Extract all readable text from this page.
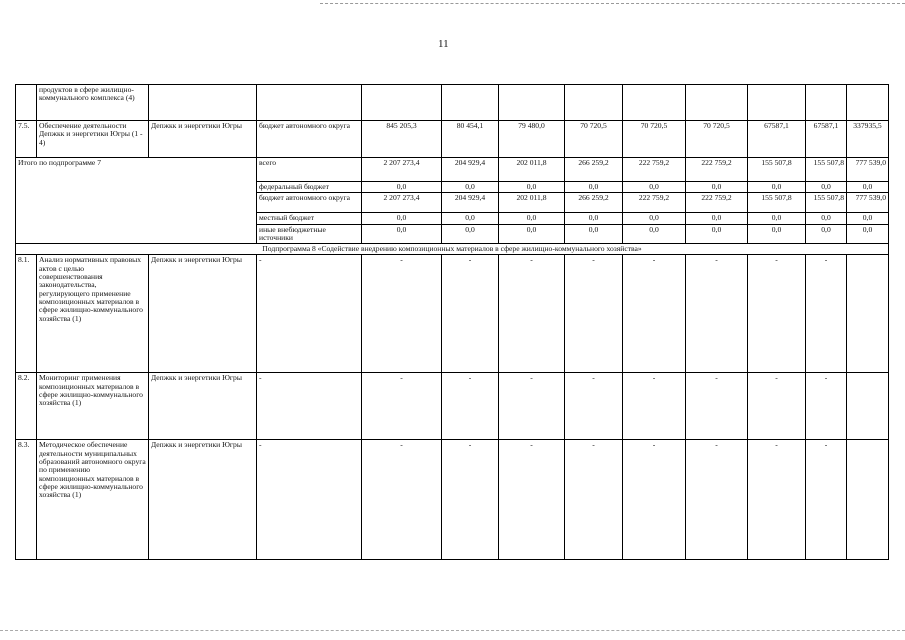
11
	продуктов в сфере жилищно-коммунального комплекса (4)											
7.5.	Обеспечение деятельности Депжкк и энергетики Югры (1 - 4)	Депжкк и энергетики Югры	бюджет автономного округа	845 205,3	80 454,1	79 480,0	70 720,5	70 720,5	70 720,5	67587,1	67587,1	337935,5
Итого по подпрограмме 7			всего	2 207 273,4	204 929,4	202 011,8	266 259,2	222 759,2	222 759,2	155 507,8	155 507,8	777 539,0
			федеральный бюджет	0,0	0,0	0,0	0,0	0,0	0,0	0,0	0,0	0,0
			бюджет автономного округа	2 207 273,4	204 929,4	202 011,8	266 259,2	222 759,2	222 759,2	155 507,8	155 507,8	777 539,0
			местный бюджет	0,0	0,0	0,0	0,0	0,0	0,0	0,0	0,0	0,0
			иные внебюджетные источники	0,0	0,0	0,0	0,0	0,0	0,0	0,0	0,0	0,0
Подпрограмма 8 «Содействие внедрению композиционных материалов в сфере жилищно-коммунального хозяйства»												
8.1.	Анализ нормативных правовых актов с целью совершенствования законодательства, регулирующего применение композиционных материалов в сфере жилищно-коммунального хозяйства (1)	Депжкк и энергетики Югры	-	-	-	-	-	-	-	-	-	
8.2.	Мониторинг применения композиционных материалов в сфере жилищно-коммунального хозяйства (1)	Депжкк и энергетики Югры	-	-	-	-	-	-	-	-	-	
8.3.	Методическое обеспечение деятельности муниципальных образований автономного округа по применению композиционных материалов в сфере жилищно-коммунального хозяйства (1)	Депжкк и энергетики Югры	-	-	-	-	-	-	-	-	-	
